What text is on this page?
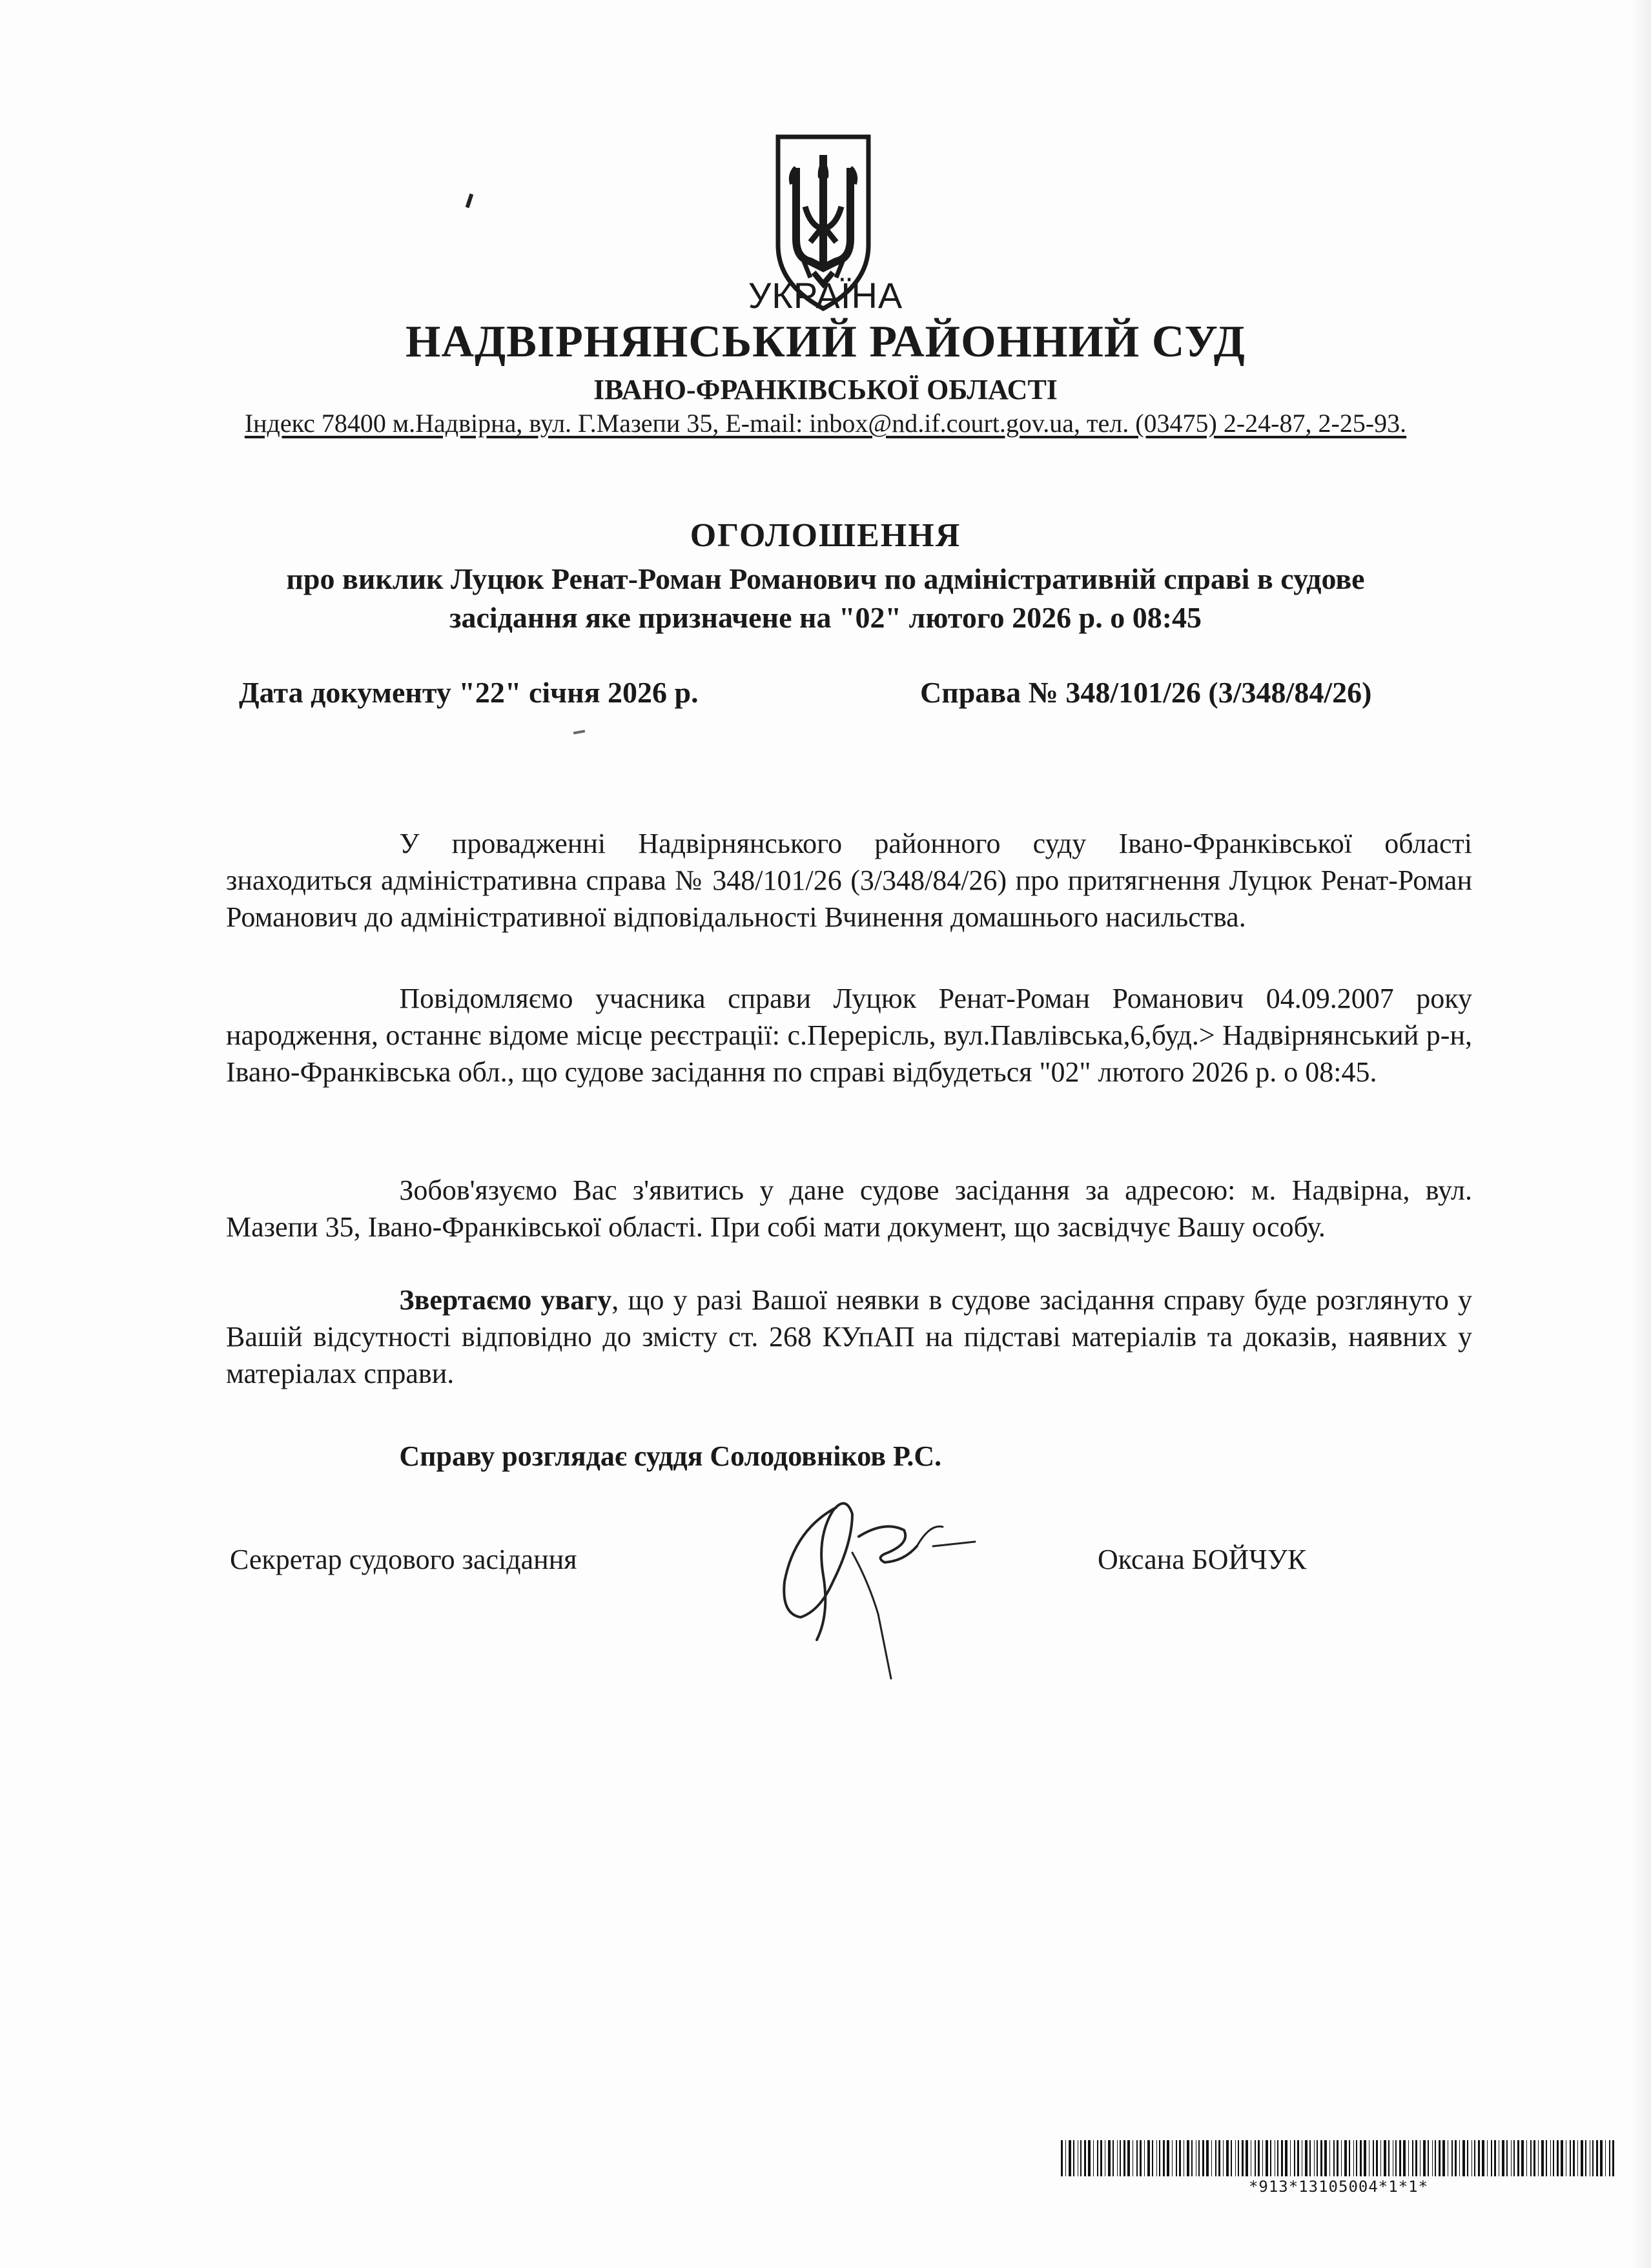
УКРАЇНА
НАДВІРНЯНСЬКИЙ РАЙОННИЙ СУД
ІВАНО-ФРАНКІВСЬКОЇ ОБЛАСТІ
Індекс 78400 м.Надвірна, вул. Г.Мазепи 35, E-mail: inbox@nd.if.court.gov.ua, тел. (03475) 2-24-87, 2-25-93.
ОГОЛОШЕННЯ
про виклик Луцюк Ренат-Роман Романович по адміністративній справі в судове
засідання яке призначене на "02" лютого 2026 р. о 08:45
Дата документу "22" січня 2026 р.	Справа № 348/101/26 (3/348/84/26)

У провадженні Надвірнянського районного суду Івано-Франківської області знаходиться адміністративна справа № 348/101/26 (3/348/84/26) про притягнення Луцюк Ренат-Роман Романович до адміністративної відповідальності Вчинення домашнього насильства.

Повідомляємо учасника справи Луцюк Ренат-Роман Романович 04.09.2007 року народження, останнє відоме місце реєстрації: с.Перерісль, вул.Павлівська,6,буд.> Надвірнянський р-н, Івано-Франківська обл., що судове засідання по справі відбудеться "02" лютого 2026 р. о 08:45.

Зобов'язуємо Вас з'явитись у дане судове засідання за адресою: м. Надвірна, вул. Мазепи 35, Івано-Франківської області. При собі мати документ, що засвідчує Вашу особу.

Звертаємо увагу, що у разі Вашої неявки в судове засідання справу буде розглянуто у Вашій відсутності відповідно до змісту ст. 268 КУпАП на підставі матеріалів та доказів, наявних у матеріалах справи.

Справу розглядає суддя Солодовніков Р.С.

Секретар судового засідання	Оксана БОЙЧУК
*913*13105004*1*1*
